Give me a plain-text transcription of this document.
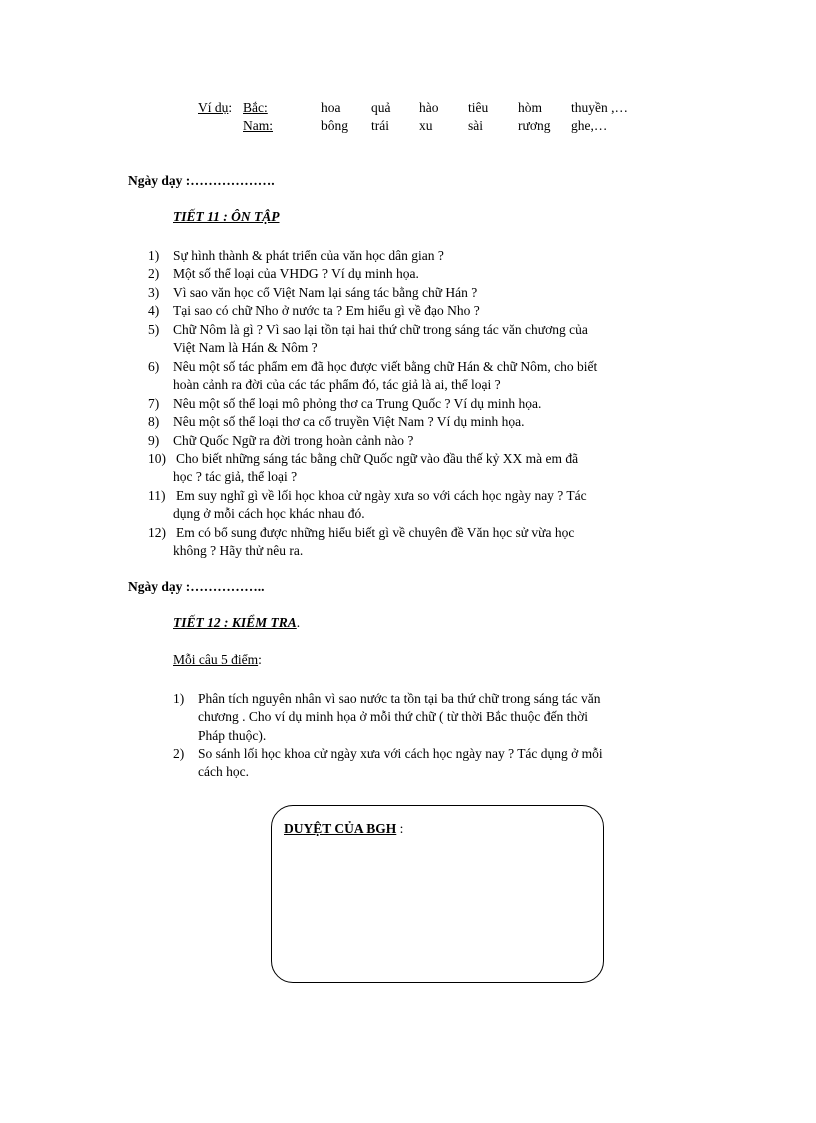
Ví dụ: Bắc:
Nam:
hoa quả hào tiêu hòm thuyền ,…
bông trái xu	sài	rương ghe,…
Ngày dạy :……………….
TIẾT 11 : ÔN TẬP
1) Sự hình thành & phát triển của văn học dân gian ?
2) Một số thể loại của VHDG ? Ví dụ minh họa.
3) Vì sao văn học cổ Việt Nam lại sáng tác bằng chữ Hán ?
4) Tại sao có chữ Nho ở nước ta ? Em hiểu gì về đạo Nho ?
5) Chữ Nôm là gì ? Vì sao lại tồn tại hai thứ chữ trong sáng tác văn chương của
Việt Nam là Hán & Nôm ?
6) Nêu một số tác phẩm em đã học được viết bằng chữ Hán & chữ Nôm, cho biết
hoàn cảnh ra đời của các tác phẩm đó, tác giả là ai, thể loại ?
7) Nêu một số thể loại mô phỏng thơ ca Trung Quốc ? Ví dụ minh họa.
8) Nêu một số thể loại thơ ca cổ truyền Việt Nam ? Ví dụ minh họa.
9) Chữ Quốc Ngữ ra đời trong hoàn cảnh nào ?
10) Cho biết những sáng tác bằng chữ Quốc ngữ vào đầu thế kỷ XX mà em đã
học ? tác giả, thể loại ?
11) Em suy nghĩ gì về lối học khoa cử ngày xưa so với cách học ngày nay ? Tác
dụng ở mỗi cách học khác nhau đó.
12) Em có bổ sung được những hiểu biết gì về chuyên đề Văn học sử vừa học
không ? Hãy thử nêu ra.
Ngày dạy :……………..
TIẾT 12 : KIỂM TRA.
Mỗi câu 5 điểm:
1) Phân tích nguyên nhân vì sao nước ta tồn tại ba thứ chữ trong sáng tác văn
chương . Cho ví dụ minh họa ở mỗi thứ chữ ( từ thời Bắc thuộc đến thời
Pháp thuộc).
2) So sánh lối học khoa cử ngày xưa với cách học ngày nay ? Tác dụng ở mỗi
cách học.
DUYỆT CỦA BGH :
